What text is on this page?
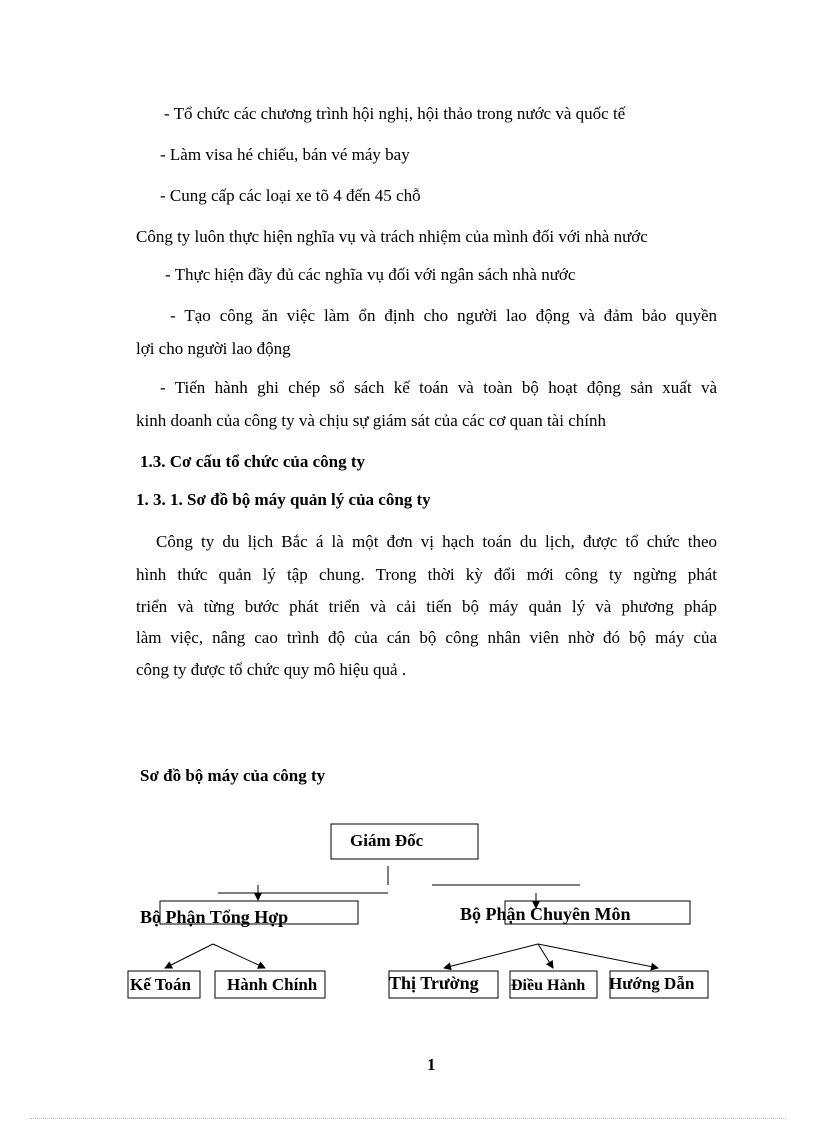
- Tổ chức các chương trình hội nghị, hội thảo trong nước và quốc tế
- Làm visa hé chiếu, bán vé máy bay
- Cung cấp các loại xe tõ 4 đến 45 chỗ
Công ty luôn thực hiện nghĩa vụ và trách nhiệm của mình đối với nhà nước
- Thực hiện đầy đủ các nghĩa vụ đối với ngân sách nhà nước
- Tạo công ăn việc làm ổn định cho người lao động và đảm bảo quyền
lợi cho người lao động
- Tiến hành ghi chép sổ sách kế toán và toàn bộ hoạt động sản xuất và
kinh doanh của công ty và chịu sự giám sát của các cơ quan tài chính
1.3. Cơ cấu tổ chức của công ty
1. 3. 1. Sơ đồ bộ máy quản lý của công ty
Công ty du lịch Bắc á là một đơn vị hạch toán du lịch, được tổ chức theo
hình thức quản lý tập chung. Trong thời kỳ đổi mới công ty ngừng phát
triển và từng bước phát triển và cải tiến bộ máy quản lý và phương pháp
làm việc, nâng cao trình độ của cán bộ công nhân viên nhờ đó bộ máy của
công ty được tổ chức quy mô hiệu quả .
Sơ đồ bộ máy của công ty
Giám Đốc
Bộ Phận Tổng Hợp	Bộ Phận Chuyên Môn
Kế Toán Hành Chính	Thị Trường Điều Hành Hướng Dẫn
1
